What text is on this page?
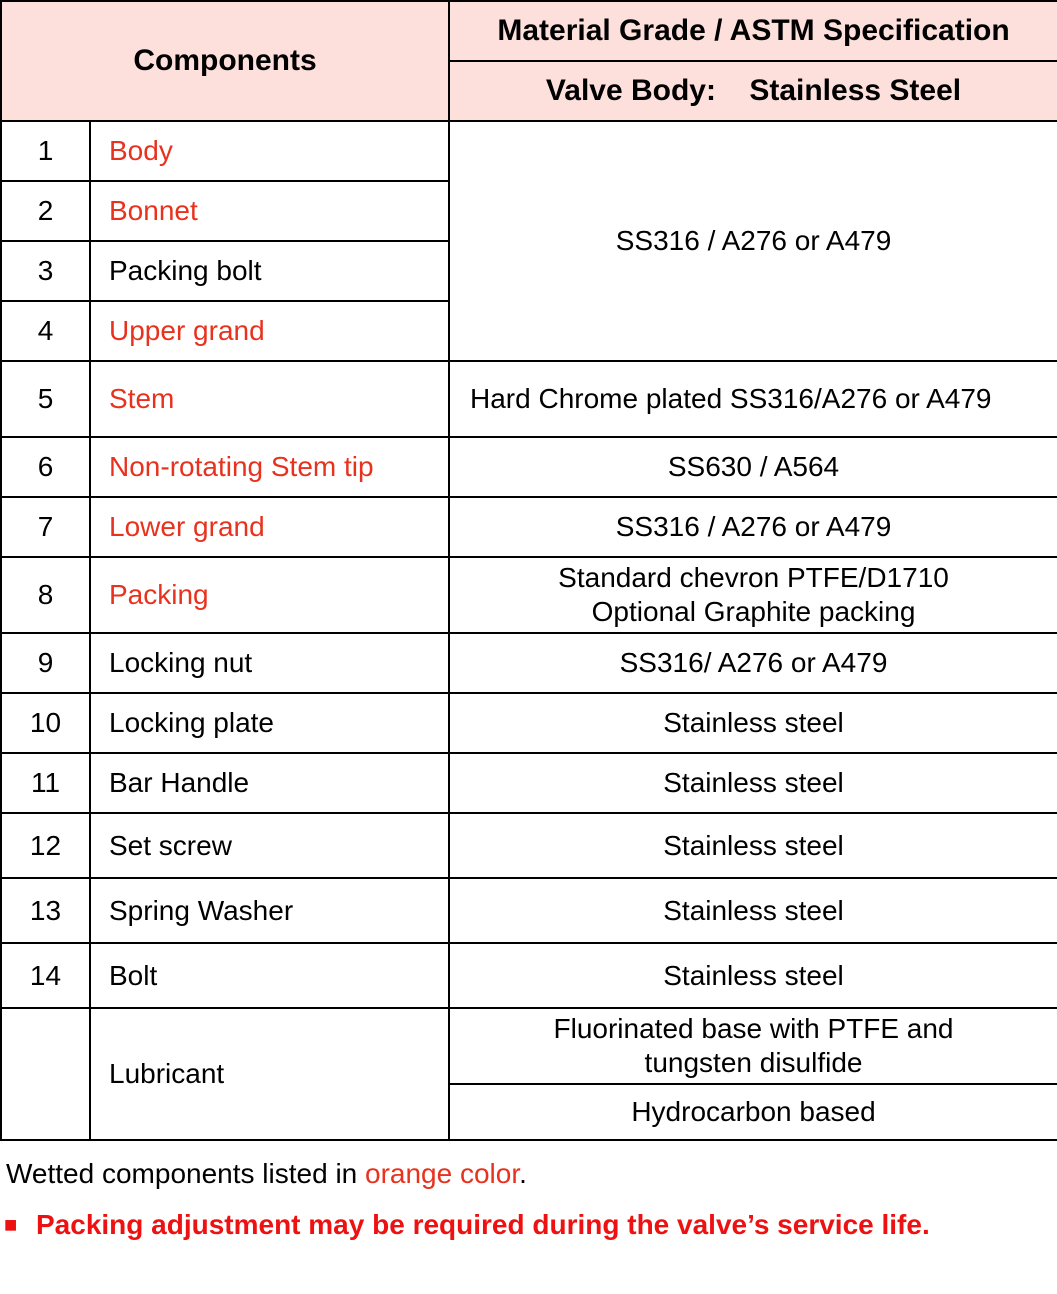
Components		Material Grade / ASTM Specification
		Valve Body: Stainless Steel
1	Body	SS316 / A276 or A479
2	Bonnet	
3	Packing bolt	
4	Upper grand	
5	Stem	Hard Chrome plated SS316/A276 or A479
6	Non-rotating Stem tip	SS630 / A564
7	Lower grand	SS316 / A276 or A479
8	Packing	Standard chevron PTFE/D1710
Optional Graphite packing

9	Locking nut	SS316/ A276 or A479
10	Locking plate	Stainless steel
11	Bar Handle	Stainless steel
12	Set screw	Stainless steel
13	Spring Washer	Stainless steel
14	Bolt	Stainless steel
	Lubricant	Fluorinated base with PTFE and
tungsten disulfide

		Hydrocarbon based
Wetted components listed in orange color.
■ Packing adjustment may be required during the valve’s service life.
